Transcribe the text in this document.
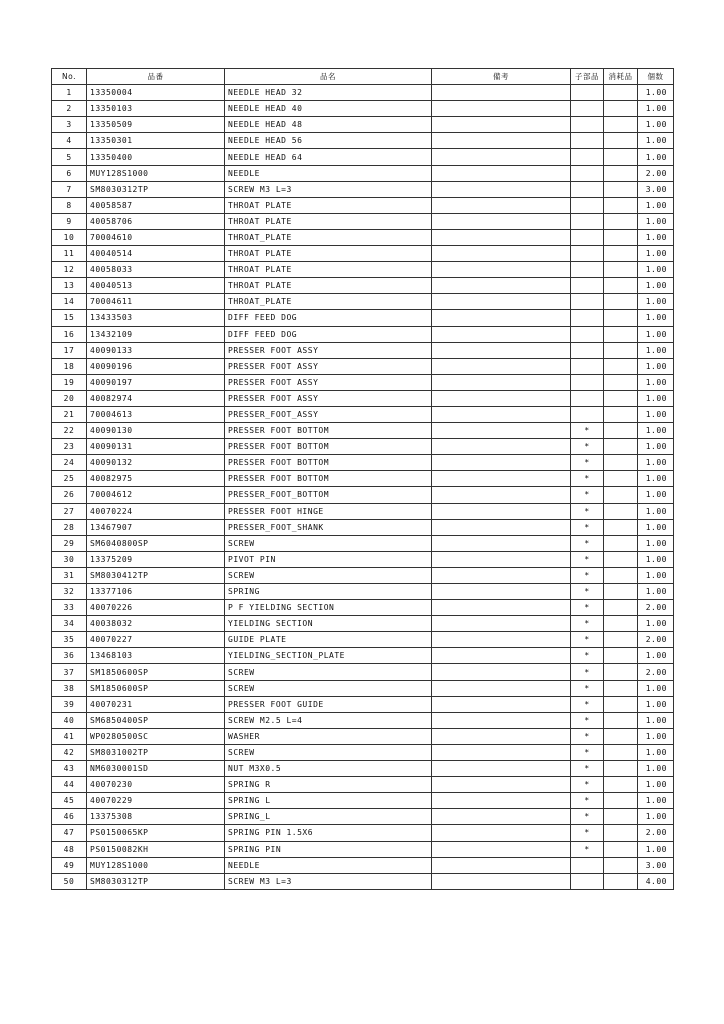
No.	品番	品名	備考	子部品	消耗品	個数
1	13350004	NEEDLE HEAD 32				1.00
2	13350103	NEEDLE HEAD 40				1.00
3	13350509	NEEDLE HEAD 48				1.00
4	13350301	NEEDLE HEAD 56				1.00
5	13350400	NEEDLE HEAD 64				1.00
6	MUY128S1000	NEEDLE				2.00
7	SM8030312TP	SCREW M3 L=3				3.00
8	40058587	THROAT PLATE				1.00
9	40058706	THROAT PLATE				1.00
10	70004610	THROAT_PLATE				1.00
11	40040514	THROAT PLATE				1.00
12	40058033	THROAT PLATE				1.00
13	40040513	THROAT PLATE				1.00
14	70004611	THROAT_PLATE				1.00
15	13433503	DIFF FEED DOG				1.00
16	13432109	DIFF FEED DOG				1.00
17	40090133	PRESSER FOOT ASSY				1.00
18	40090196	PRESSER FOOT ASSY				1.00
19	40090197	PRESSER FOOT ASSY				1.00
20	40082974	PRESSER FOOT ASSY				1.00
21	70004613	PRESSER_FOOT_ASSY				1.00
22	40090130	PRESSER FOOT BOTTOM		*		1.00
23	40090131	PRESSER FOOT BOTTOM		*		1.00
24	40090132	PRESSER FOOT BOTTOM		*		1.00
25	40082975	PRESSER FOOT BOTTOM		*		1.00
26	70004612	PRESSER_FOOT_BOTTOM		*		1.00
27	40070224	PRESSER FOOT HINGE		*		1.00
28	13467907	PRESSER_FOOT_SHANK		*		1.00
29	SM6040800SP	SCREW		*		1.00
30	13375209	PIVOT PIN		*		1.00
31	SM8030412TP	SCREW		*		1.00
32	13377106	SPRING		*		1.00
33	40070226	P F YIELDING SECTION		*		2.00
34	40038032	YIELDING SECTION		*		1.00
35	40070227	GUIDE PLATE		*		2.00
36	13468103	YIELDING_SECTION_PLATE		*		1.00
37	SM1850600SP	SCREW		*		2.00
38	SM1850600SP	SCREW		*		1.00
39	40070231	PRESSER FOOT GUIDE		*		1.00
40	SM6850400SP	SCREW M2.5 L=4		*		1.00
41	WP0280500SC	WASHER		*		1.00
42	SM8031002TP	SCREW		*		1.00
43	NM6030001SD	NUT M3X0.5		*		1.00
44	40070230	SPRING R		*		1.00
45	40070229	SPRING L		*		1.00
46	13375308	SPRING_L		*		1.00
47	PS0150065KP	SPRING PIN 1.5X6		*		2.00
48	PS0150082KH	SPRING PIN		*		1.00
49	MUY128S1000	NEEDLE				3.00
50	SM8030312TP	SCREW M3 L=3				4.00
